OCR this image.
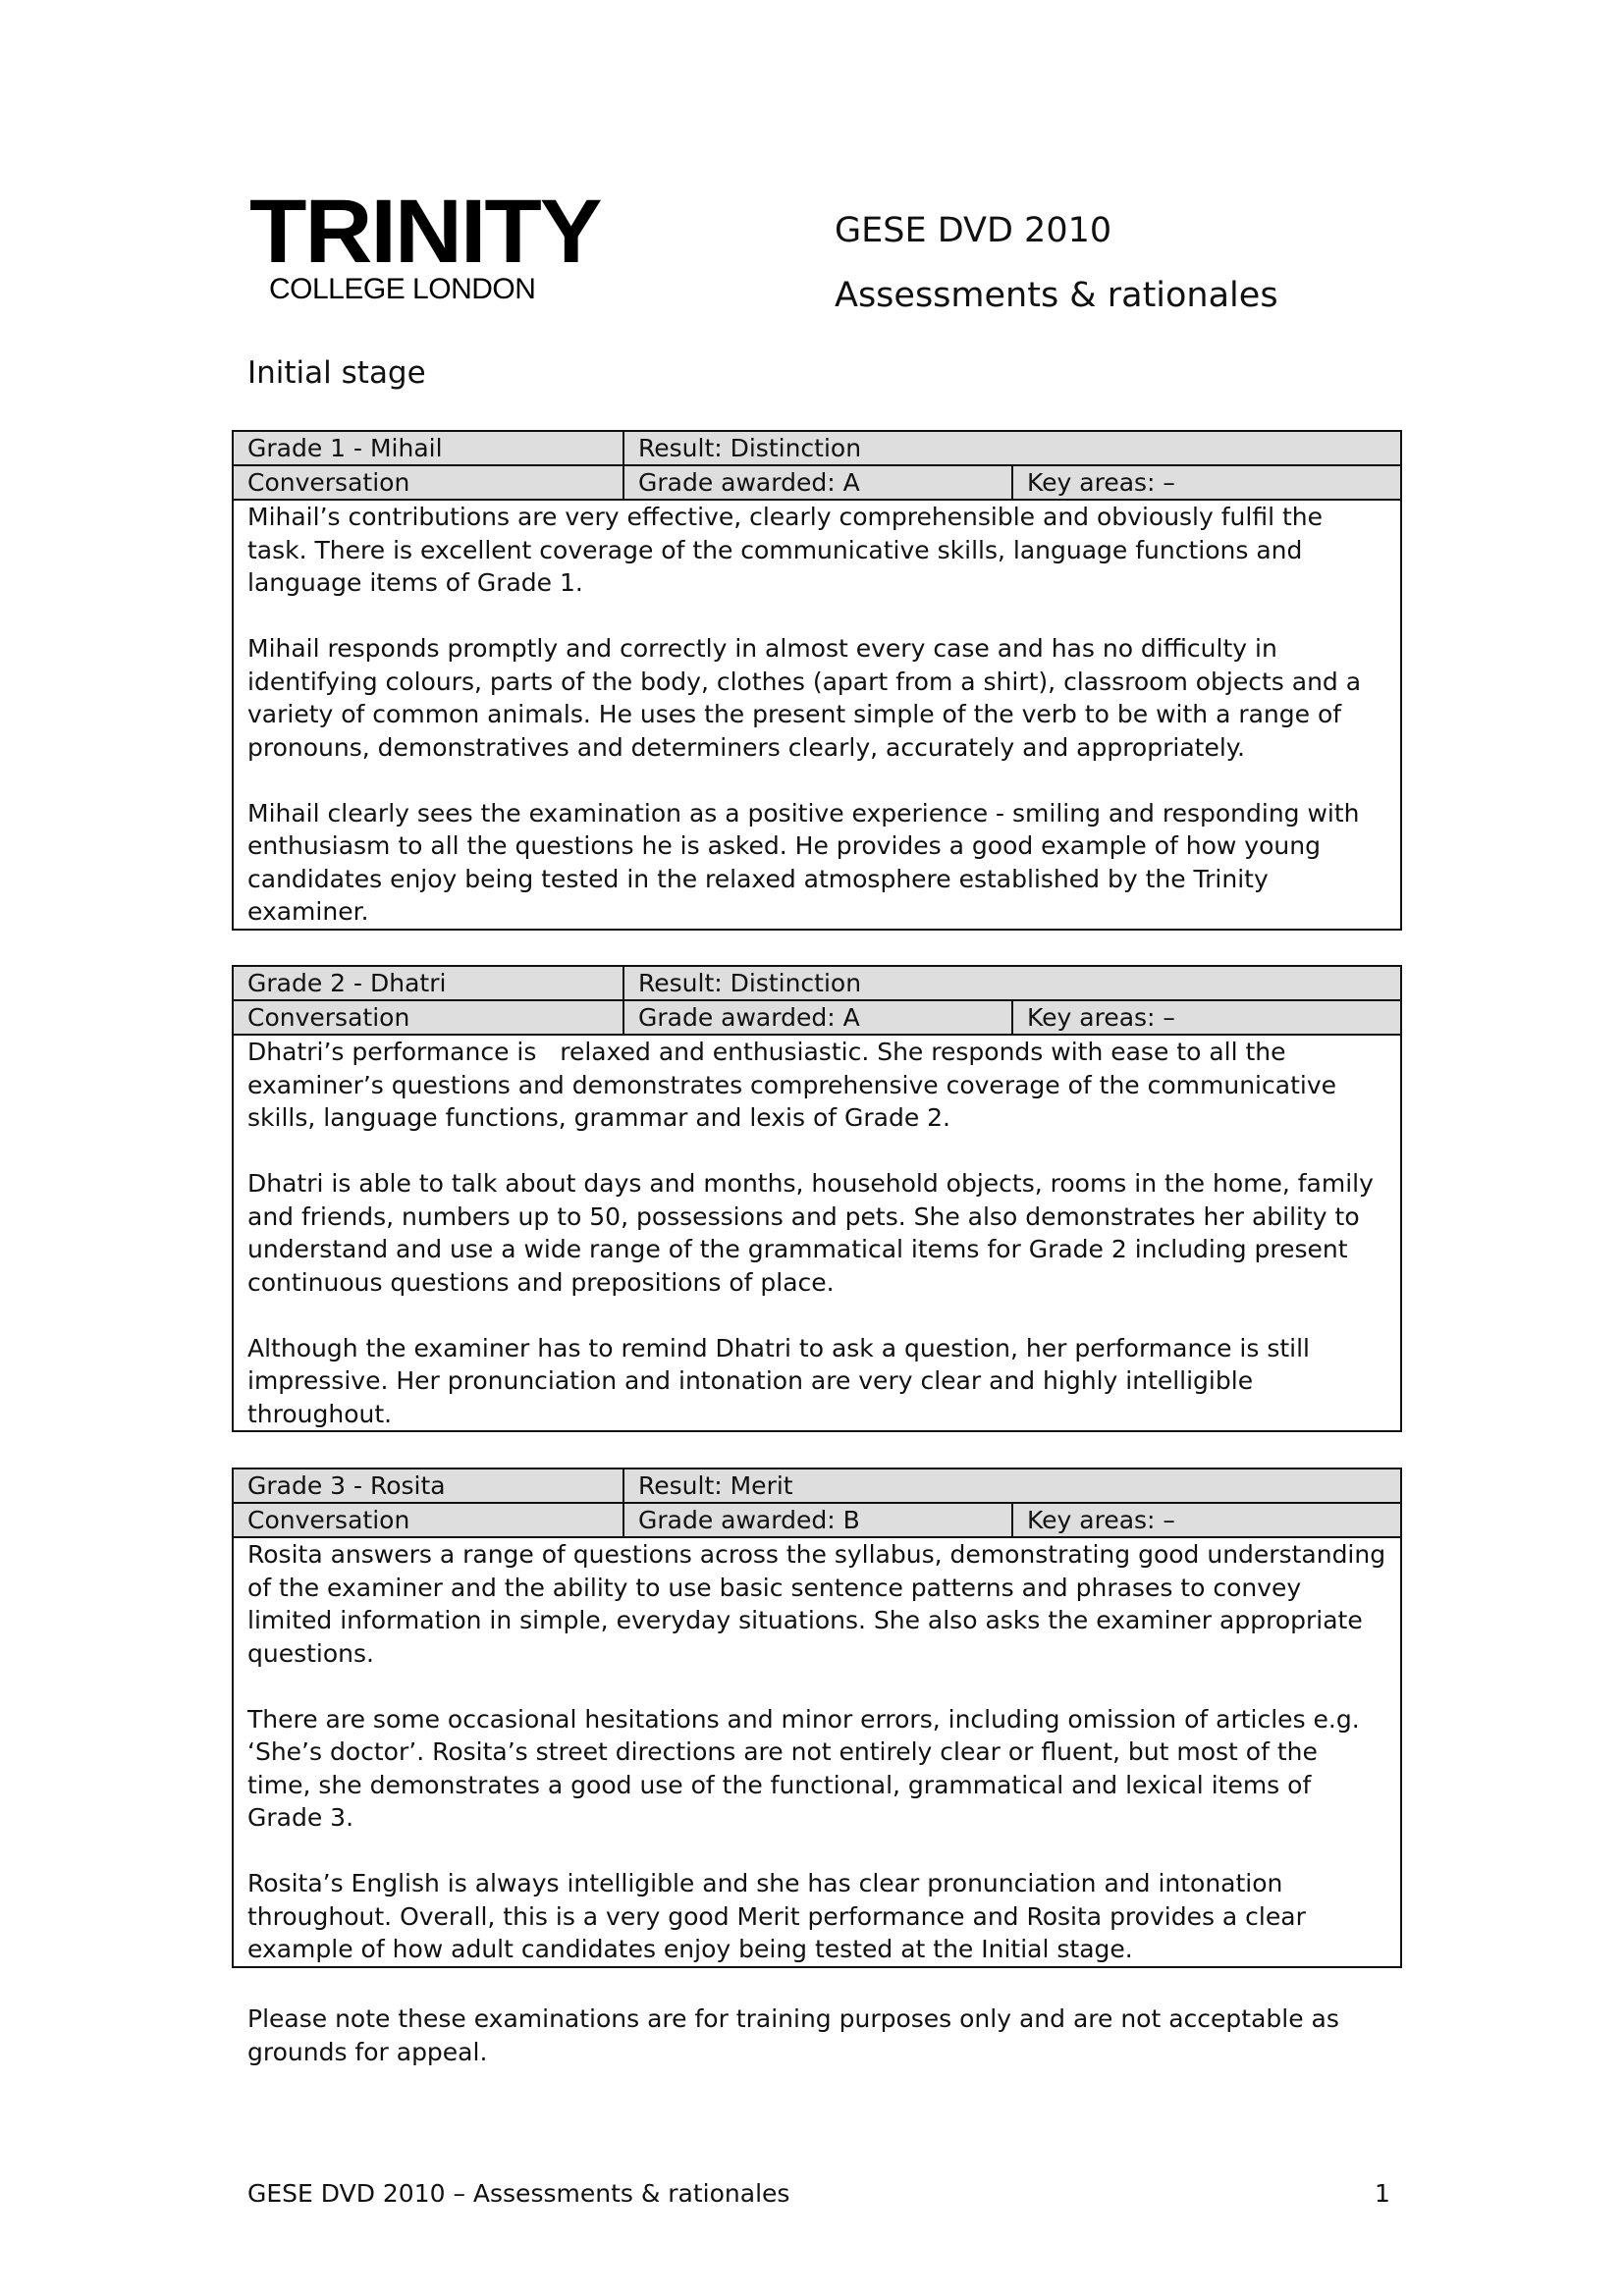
TRINITY
COLLEGE LONDON
GESE DVD 2010
Assessments & rationales
Initial stage
Grade 1 - Mihail	Result: Distinction
Conversation	Grade awarded: A	Key areas: –

Mihail’s contributions are very effective, clearly comprehensible and obviously fulfil the task. There is excellent coverage of the communicative skills, language functions and language items of Grade 1.

Mihail responds promptly and correctly in almost every case and has no difficulty in identifying colours, parts of the body, clothes (apart from a shirt), classroom objects and a variety of common animals. He uses the present simple of the verb to be with a range of pronouns, demonstratives and determiners clearly, accurately and appropriately.

Mihail clearly sees the examination as a positive experience - smiling and responding with enthusiasm to all the questions he is asked. He provides a good example of how young candidates enjoy being tested in the relaxed atmosphere established by the Trinity examiner.

Grade 2 - Dhatri	Result: Distinction
Conversation	Grade awarded: A	Key areas: –

Dhatri’s performance is   relaxed and enthusiastic. She responds with ease to all the examiner’s questions and demonstrates comprehensive coverage of the communicative skills, language functions, grammar and lexis of Grade 2.

Dhatri is able to talk about days and months, household objects, rooms in the home, family and friends, numbers up to 50, possessions and pets. She also demonstrates her ability to understand and use a wide range of the grammatical items for Grade 2 including present continuous questions and prepositions of place.

Although the examiner has to remind Dhatri to ask a question, her performance is still impressive. Her pronunciation and intonation are very clear and highly intelligible throughout.

Grade 3 - Rosita	Result: Merit
Conversation	Grade awarded: B	Key areas: –

Rosita answers a range of questions across the syllabus, demonstrating good understanding of the examiner and the ability to use basic sentence patterns and phrases to convey limited information in simple, everyday situations. She also asks the examiner appropriate questions.

There are some occasional hesitations and minor errors, including omission of articles e.g. ‘She’s doctor’. Rosita’s street directions are not entirely clear or fluent, but most of the time, she demonstrates a good use of the functional, grammatical and lexical items of Grade 3.

Rosita’s English is always intelligible and she has clear pronunciation and intonation throughout. Overall, this is a very good Merit performance and Rosita provides a clear example of how adult candidates enjoy being tested at the Initial stage.

Please note these examinations are for training purposes only and are not acceptable as grounds for appeal.
GESE DVD 2010 – Assessments & rationales	1
